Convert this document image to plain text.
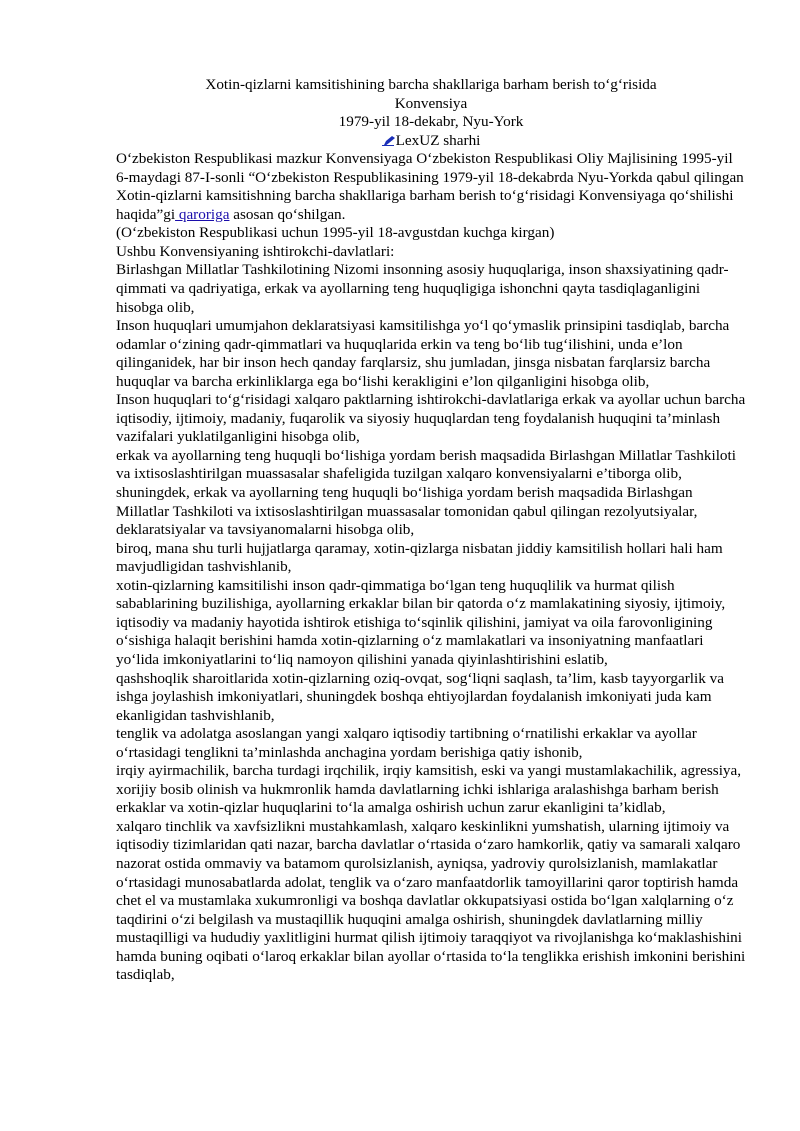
Xotin-qizlarni kamsitishining barcha shakllariga barham berish to‘g‘risida
Konvensiya
1979-yil 18-dekabr, Nyu-York
LexUZ sharhi

O‘zbekiston Respublikasi mazkur Konvensiyaga O‘zbekiston Respublikasi Oliy Majlisining 1995-yil 6-maydagi 87-I-sonli “O‘zbekiston Respublikasining 1979-yil 18-dekabrda Nyu-Yorkda qabul qilingan Xotin-qizlarni kamsitishning barcha shakllariga barham berish to‘g‘risidagi Konvensiyaga qo‘shilishi haqida”gi qaroriga asosan qo‘shilgan.

(O‘zbekiston Respublikasi uchun 1995-yil 18-avgustdan kuchga kirgan)

Ushbu Konvensiyaning ishtirokchi-davlatlari:

Birlashgan Millatlar Tashkilotining Nizomi insonning asosiy huquqlariga, inson shaxsiyatining qadr-qimmati va qadriyatiga, erkak va ayollarning teng huquqligiga ishonchni qayta tasdiqlaganligini hisobga olib,

Inson huquqlari umumjahon deklaratsiyasi kamsitilishga yo‘l qo‘ymaslik prinsipini tasdiqlab, barcha odamlar o‘zining qadr-qimmatlari va huquqlarida erkin va teng bo‘lib tug‘ilishini, unda e’lon qilinganidek, har bir inson hech qanday farqlarsiz, shu jumladan, jinsga nisbatan farqlarsiz barcha huquqlar va barcha erkinliklarga ega bo‘lishi kerakligini e’lon qilganligini hisobga olib,

Inson huquqlari to‘g‘risidagi xalqaro paktlarning ishtirokchi-davlatlariga erkak va ayollar uchun barcha iqtisodiy, ijtimoiy, madaniy, fuqarolik va siyosiy huquqlardan teng foydalanish huquqini ta’minlash vazifalari yuklatilganligini hisobga olib,

erkak va ayollarning teng huquqli bo‘lishiga yordam berish maqsadida Birlashgan Millatlar Tashkiloti va ixtisoslashtirilgan muassasalar shafeligida tuzilgan xalqaro konvensiyalarni e’tiborga olib,

shuningdek, erkak va ayollarning teng huquqli bo‘lishiga yordam berish maqsadida Birlashgan Millatlar Tashkiloti va ixtisoslashtirilgan muassasalar tomonidan qabul qilingan rezolyutsiyalar, deklaratsiyalar va tavsiyanomalarni hisobga olib,

biroq, mana shu turli hujjatlarga qaramay, xotin-qizlarga nisbatan jiddiy kamsitilish hollari hali ham mavjudligidan tashvishlanib,

xotin-qizlarning kamsitilishi inson qadr-qimmatiga bo‘lgan teng huquqlilik va hurmat qilish sabablarining buzilishiga, ayollarning erkaklar bilan bir qatorda o‘z mamlakatining siyosiy, ijtimoiy, iqtisodiy va madaniy hayotida ishtirok etishiga to‘sqinlik qilishini, jamiyat va oila farovonligining o‘sishiga halaqit berishini hamda xotin-qizlarning o‘z mamlakatlari va insoniyatning manfaatlari yo‘lida imkoniyatlarini to‘liq namoyon qilishini yanada qiyinlashtirishini eslatib,

qashshoqlik sharoitlarida xotin-qizlarning oziq-ovqat, sog‘liqni saqlash, ta’lim, kasb tayyorgarlik va ishga joylashish imkoniyatlari, shuningdek boshqa ehtiyojlardan foydalanish imkoniyati juda kam ekanligidan tashvishlanib,

tenglik va adolatga asoslangan yangi xalqaro iqtisodiy tartibning o‘rnatilishi erkaklar va ayollar o‘rtasidagi tenglikni ta’minlashda anchagina yordam berishiga qatiy ishonib,

irqiy ayirmachilik, barcha turdagi irqchilik, irqiy kamsitish, eski va yangi mustamlakachilik, agressiya, xorijiy bosib olinish va hukmronlik hamda davlatlarning ichki ishlariga aralashishga barham berish erkaklar va xotin-qizlar huquqlarini to‘la amalga oshirish uchun zarur ekanligini ta’kidlab,

xalqaro tinchlik va xavfsizlikni mustahkamlash, xalqaro keskinlikni yumshatish, ularning ijtimoiy va iqtisodiy tizimlaridan qati nazar, barcha davlatlar o‘rtasida o‘zaro hamkorlik, qatiy va samarali xalqaro nazorat ostida ommaviy va batamom qurolsizlanish, ayniqsa, yadroviy qurolsizlanish, mamlakatlar o‘rtasidagi munosabatlarda adolat, tenglik va o‘zaro manfaatdorlik tamoyillarini qaror toptirish hamda chet el va mustamlaka xukumronligi va boshqa davlatlar okkupatsiyasi ostida bo‘lgan xalqlarning o‘z taqdirini o‘zi belgilash va mustaqillik huquqini amalga oshirish, shuningdek davlatlarning milliy mustaqilligi va hududiy yaxlitligini hurmat qilish ijtimoiy taraqqiyot va rivojlanishga ko‘maklashishini hamda buning oqibati o‘laroq erkaklar bilan ayollar o‘rtasida to‘la tenglikka erishish imkonini berishini tasdiqlab,
